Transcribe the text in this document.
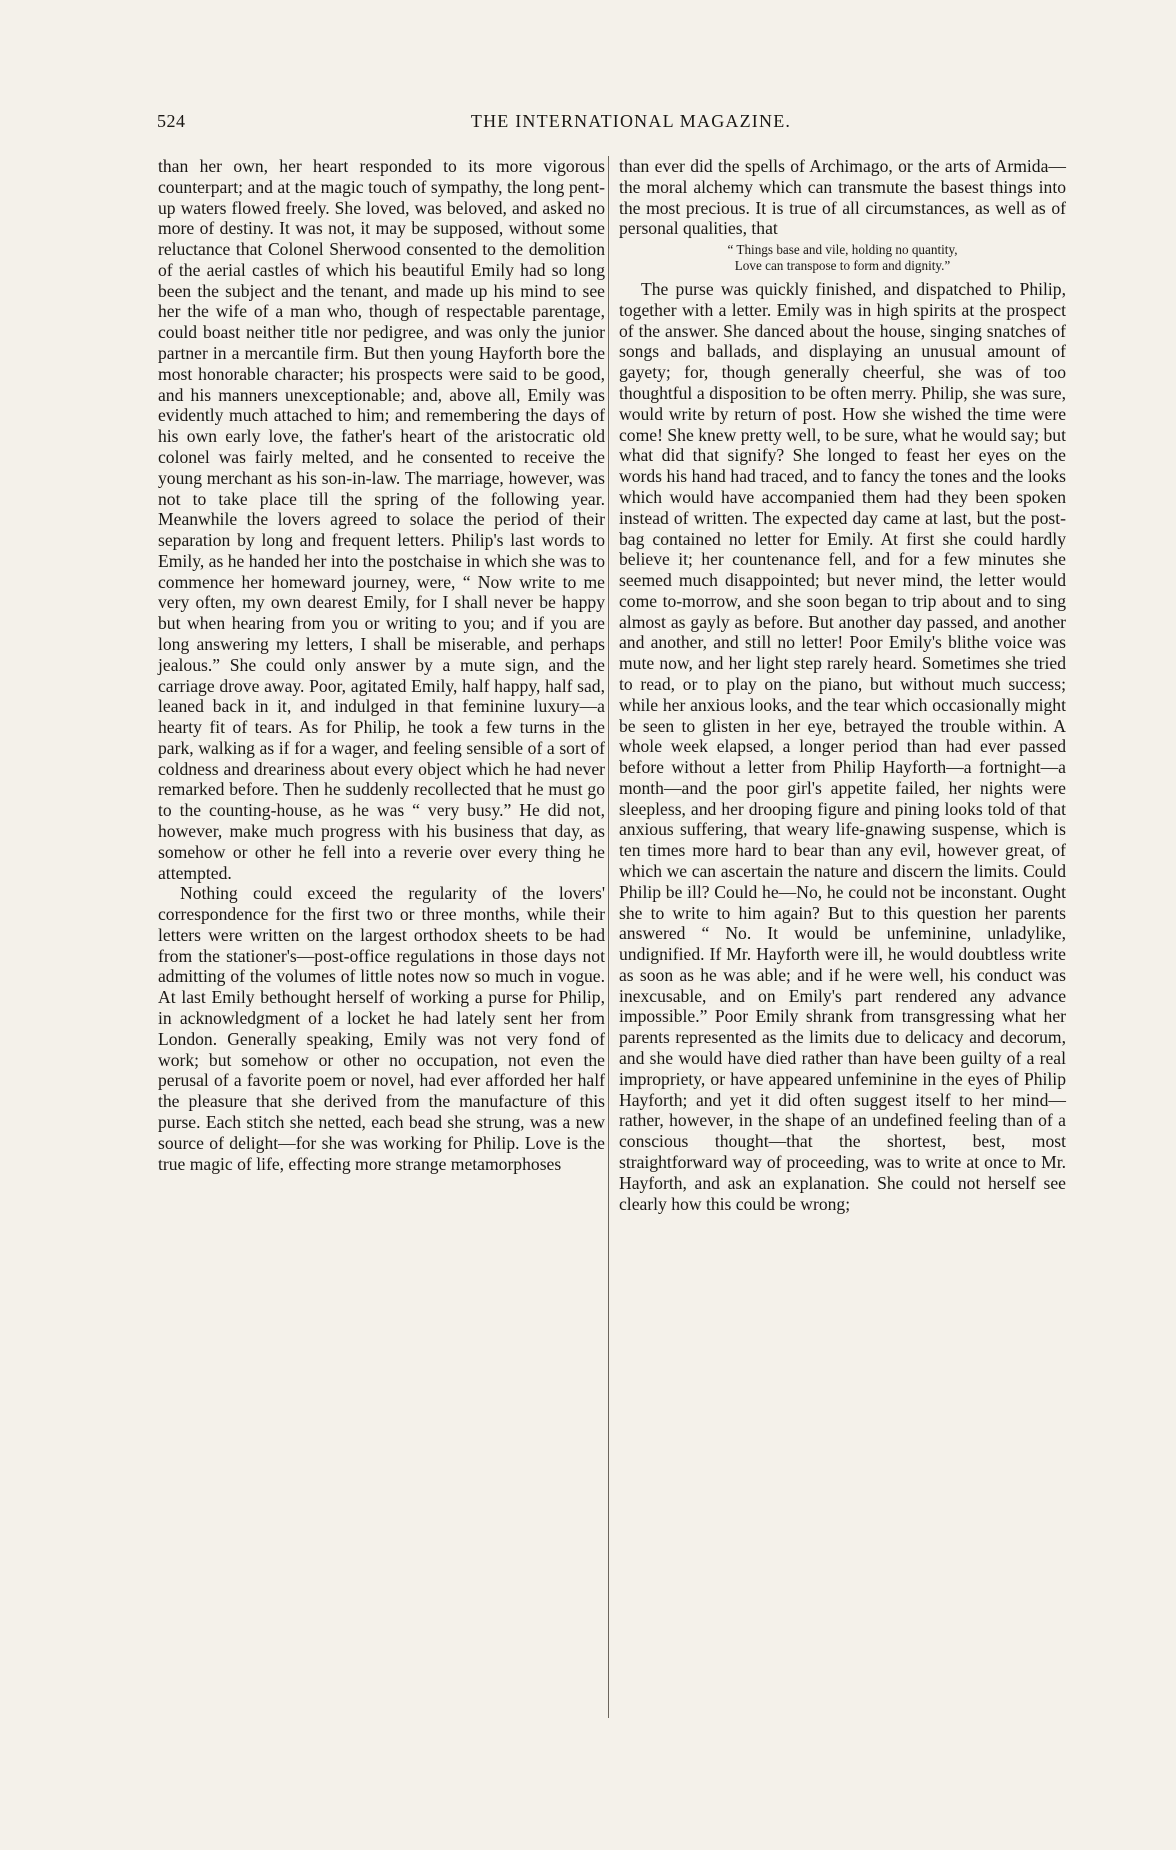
524	THE INTERNATIONAL MAGAZINE.

than her own, her heart responded to its more vigorous counterpart; and at the magic touch of sympathy, the long pent-up waters flowed freely. She loved, was beloved, and asked no more of destiny. It was not, it may be supposed, without some reluctance that Colonel Sherwood consented to the demolition of the aerial castles of which his beautiful Emily had so long been the subject and the tenant, and made up his mind to see her the wife of a man who, though of respectable parentage, could boast neither title nor pedigree, and was only the junior partner in a mercantile firm. But then young Hayforth bore the most honorable character; his prospects were said to be good, and his manners unexceptionable; and, above all, Emily was evidently much attached to him; and remembering the days of his own early love, the father's heart of the aristocratic old colonel was fairly melted, and he consented to receive the young merchant as his son-in-law. The marriage, however, was not to take place till the spring of the following year. Meanwhile the lovers agreed to solace the period of their separation by long and frequent letters. Philip's last words to Emily, as he handed her into the postchaise in which she was to commence her homeward journey, were, “ Now write to me very often, my own dearest Emily, for I shall never be happy but when hearing from you or writing to you; and if you are long answering my letters, I shall be miserable, and perhaps jealous.” She could only answer by a mute sign, and the carriage drove away. Poor, agitated Emily, half happy, half sad, leaned back in it, and indulged in that feminine luxury—a hearty fit of tears. As for Philip, he took a few turns in the park, walking as if for a wager, and feeling sensible of a sort of coldness and dreariness about every object which he had never remarked before. Then he suddenly recollected that he must go to the counting-house, as he was “ very busy.” He did not, however, make much progress with his business that day, as somehow or other he fell into a reverie over every thing he attempted.

Nothing could exceed the regularity of the lovers' correspondence for the first two or three months, while their letters were written on the largest orthodox sheets to be had from the stationer's—post-office regulations in those days not admitting of the volumes of little notes now so much in vogue. At last Emily bethought herself of working a purse for Philip, in acknowledgment of a locket he had lately sent her from London. Generally speaking, Emily was not very fond of work; but somehow or other no occupation, not even the perusal of a favorite poem or novel, had ever afforded her half the pleasure that she derived from the manufacture of this purse. Each stitch she netted, each bead she strung, was a new source of delight—for she was working for Philip. Love is the true magic of life, effecting more strange metamorphoses

than ever did the spells of Archimago, or the arts of Armida—the moral alchemy which can transmute the basest things into the most precious. It is true of all circumstances, as well as of personal qualities, that

“ Things base and vile, holding no quantity,
Love can transpose to form and dignity.”

The purse was quickly finished, and dispatched to Philip, together with a letter. Emily was in high spirits at the prospect of the answer. She danced about the house, singing snatches of songs and ballads, and displaying an unusual amount of gayety; for, though generally cheerful, she was of too thoughtful a disposition to be often merry. Philip, she was sure, would write by return of post. How she wished the time were come! She knew pretty well, to be sure, what he would say; but what did that signify? She longed to feast her eyes on the words his hand had traced, and to fancy the tones and the looks which would have accompanied them had they been spoken instead of written. The expected day came at last, but the post-bag contained no letter for Emily. At first she could hardly believe it; her countenance fell, and for a few minutes she seemed much disappointed; but never mind, the letter would come to-morrow, and she soon began to trip about and to sing almost as gayly as before. But another day passed, and another and another, and still no letter! Poor Emily's blithe voice was mute now, and her light step rarely heard. Sometimes she tried to read, or to play on the piano, but without much success; while her anxious looks, and the tear which occasionally might be seen to glisten in her eye, betrayed the trouble within. A whole week elapsed, a longer period than had ever passed before without a letter from Philip Hayforth—a fortnight—a month—and the poor girl's appetite failed, her nights were sleepless, and her drooping figure and pining looks told of that anxious suffering, that weary life-gnawing suspense, which is ten times more hard to bear than any evil, however great, of which we can ascertain the nature and discern the limits. Could Philip be ill? Could he—No, he could not be inconstant. Ought she to write to him again? But to this question her parents answered “ No. It would be unfeminine, unladylike, undignified. If Mr. Hayforth were ill, he would doubtless write as soon as he was able; and if he were well, his conduct was inexcusable, and on Emily's part rendered any advance impossible.” Poor Emily shrank from transgressing what her parents represented as the limits due to delicacy and decorum, and she would have died rather than have been guilty of a real impropriety, or have appeared unfeminine in the eyes of Philip Hayforth; and yet it did often suggest itself to her mind—rather, however, in the shape of an undefined feeling than of a conscious thought—that the shortest, best, most straightforward way of proceeding, was to write at once to Mr. Hayforth, and ask an explanation. She could not herself see clearly how this could be wrong;
